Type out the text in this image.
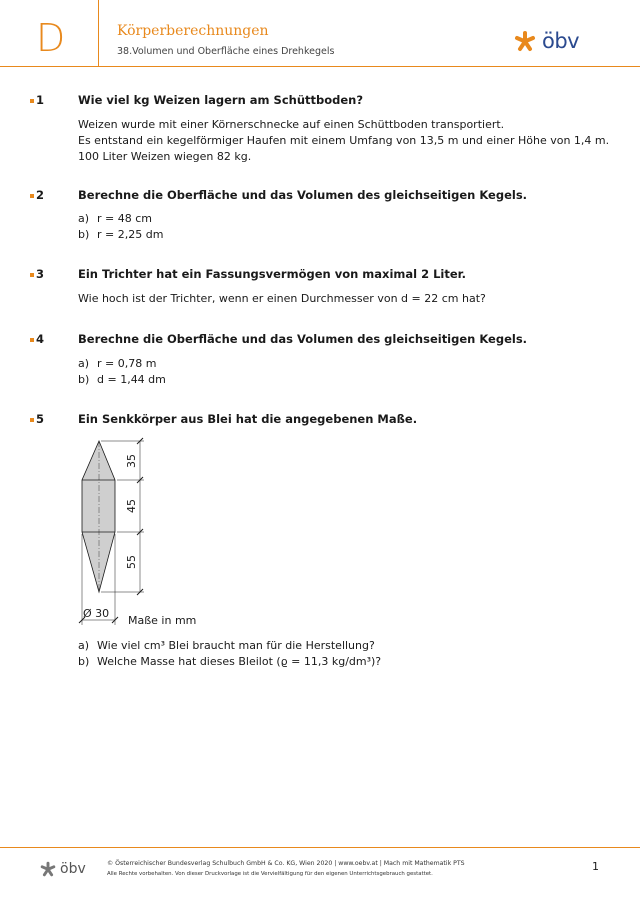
D	Körperberechnungen
38.Volumen und Oberfläche eines Drehkegels	öbv
1	Wie viel kg Weizen lagern am Schüttboden?
Weizen wurde mit einer Körnerschnecke auf einen Schüttboden transportiert.
Es entstand ein kegelförmiger Haufen mit einem Umfang von 13,5 m und einer Höhe von 1,4 m.
100 Liter Weizen wiegen 82 kg.
2	Berechne die Oberfläche und das Volumen des gleichseitigen Kegels.
a) r = 48 cm
b) r = 2,25 dm
3	Ein Trichter hat ein Fassungsvermögen von maximal 2 Liter.
Wie hoch ist der Trichter, wenn er einen Durchmesser von d = 22 cm hat?
4	Berechne die Oberfläche und das Volumen des gleichseitigen Kegels.
a) r = 0,78 m
b) d = 1,44 dm
5	Ein Senkkörper aus Blei hat die angegebenen Maße.
35
45
55
Ø 30
Maße in mm
a) Wie viel cm³ Blei braucht man für die Herstellung?
b) Welche Masse hat dieses Bleilot (ϱ = 11,3 kg/dm³)?
öbv	© Österreichischer Bundesverlag Schulbuch GmbH & Co. KG, Wien 2020 | www.oebv.at | Mach mit Mathematik PTS
Alle Rechte vorbehalten. Von dieser Druckvorlage ist die Vervielfältigung für den eigenen Unterrichtsgebrauch gestattet.
1
